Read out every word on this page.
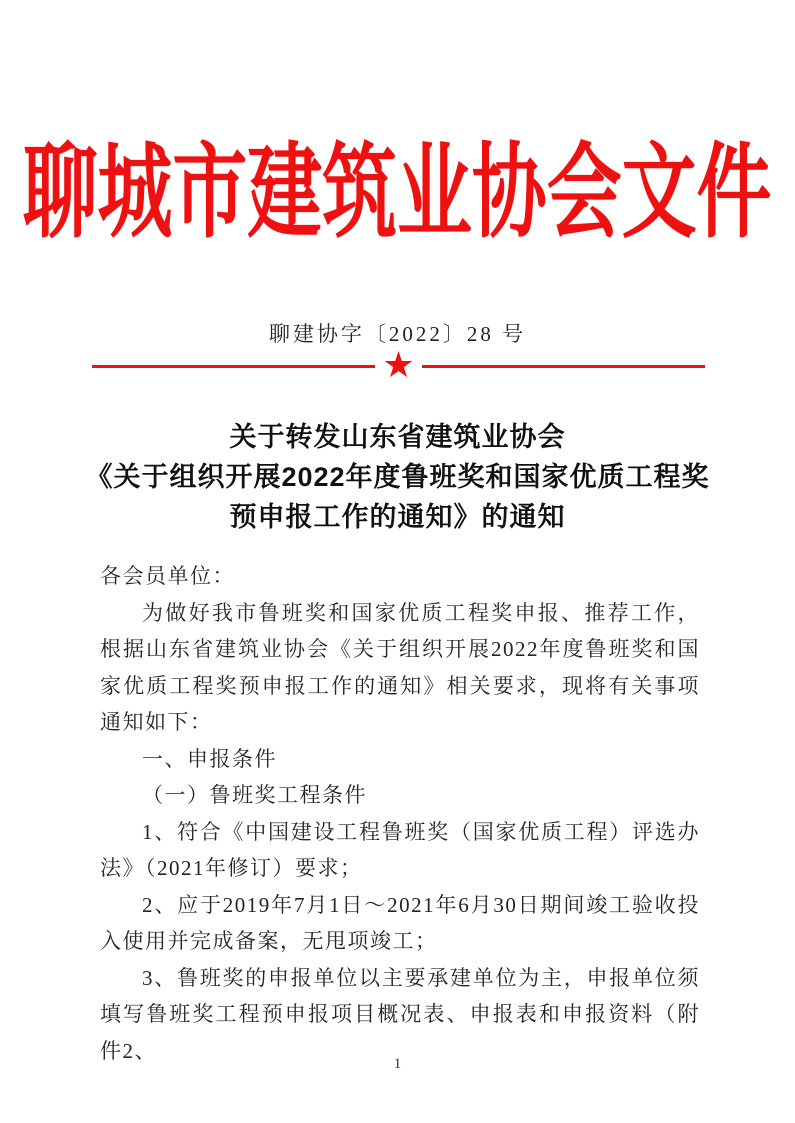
聊城市建筑业协会文件
聊建协字〔2022〕28 号
★
关于转发山东省建筑业协会
《关于组织开展2022年度鲁班奖和国家优质工程奖
预申报工作的通知》的通知

各会员单位：

为做好我市鲁班奖和国家优质工程奖申报、推荐工作，根据山东省建筑业协会《关于组织开展2022年度鲁班奖和国家优质工程奖预申报工作的通知》相关要求，现将有关事项通知如下：

一、申报条件

（一）鲁班奖工程条件

1、符合《中国建设工程鲁班奖（国家优质工程）评选办法》（2021年修订）要求；

2、应于2019年7月1日～2021年6月30日期间竣工验收投入使用并完成备案，无甩项竣工；

3、鲁班奖的申报单位以主要承建单位为主，申报单位须填写鲁班奖工程预申报项目概况表、申报表和申报资料（附件2、

1
